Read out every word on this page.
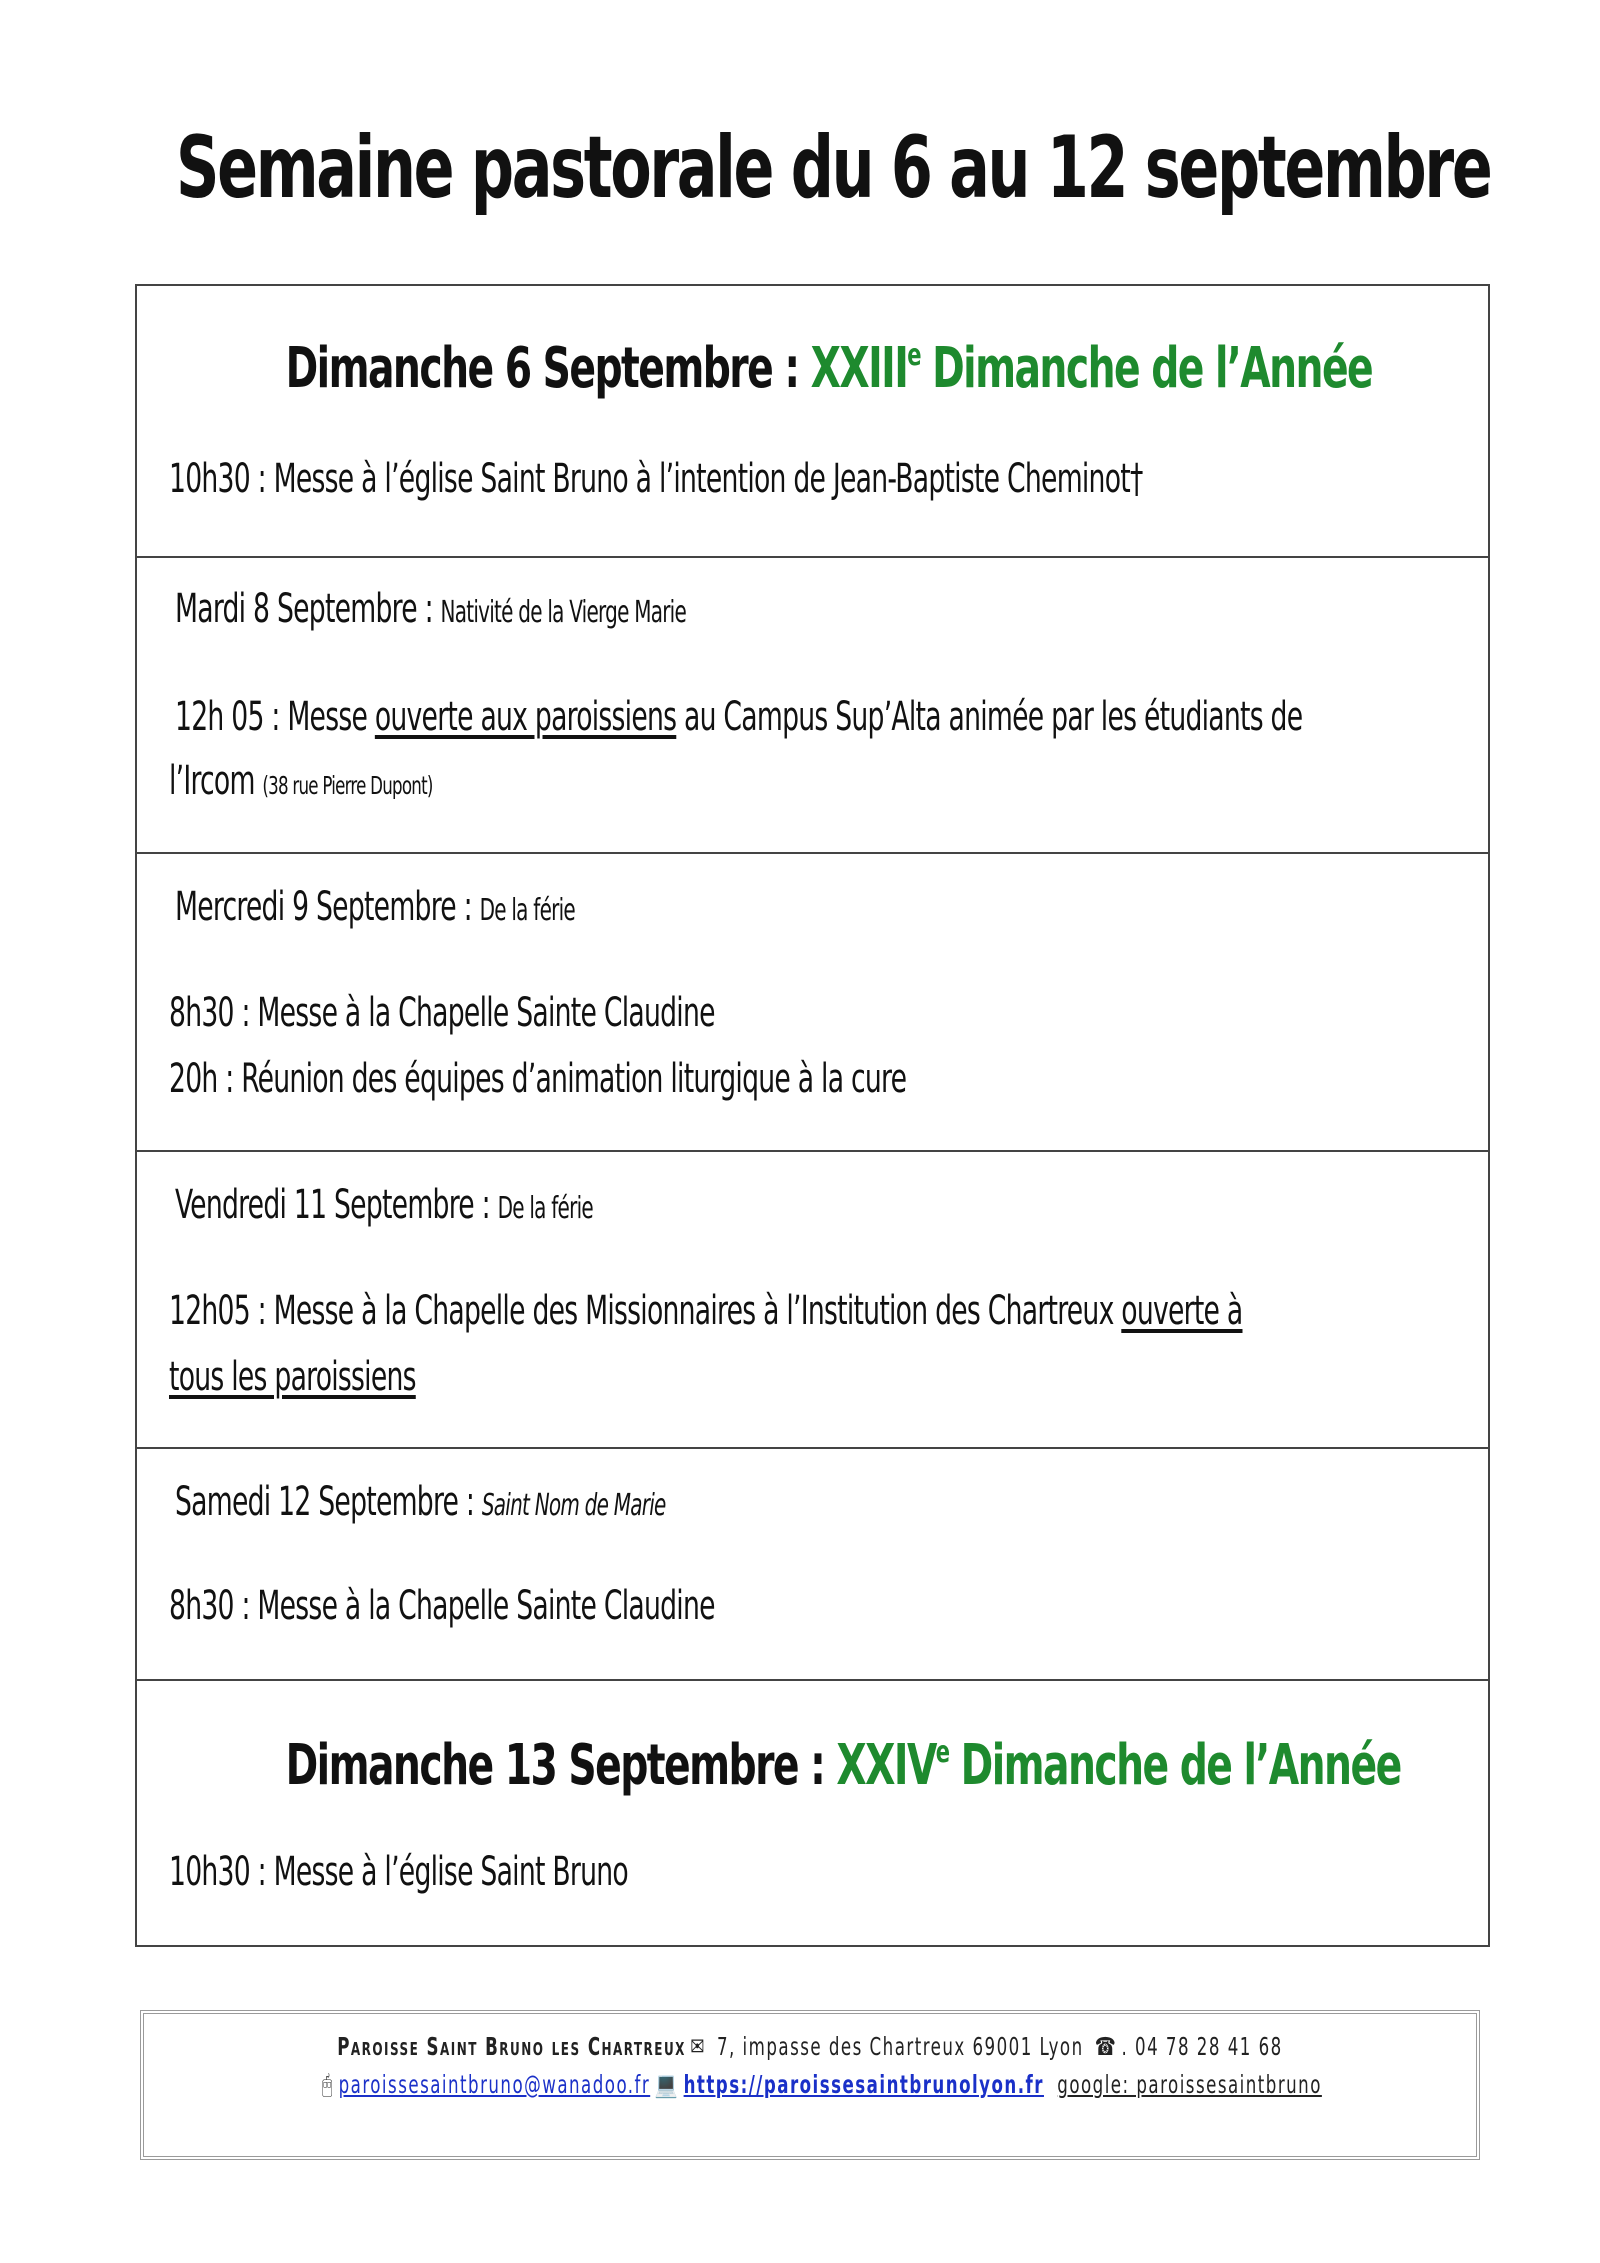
Semaine pastorale du 6 au 12 septembre
Dimanche 6 Septembre : XXIIIe Dimanche de l’Année
10h30 : Messe à l’église Saint Bruno à l’intention de Jean-Baptiste Cheminot†
Mardi 8 Septembre : Nativité de la Vierge Marie
12h 05 : Messe ouverte aux paroissiens au Campus Sup’Alta animée par les étudiants de
l’Ircom (38 rue Pierre Dupont)
Mercredi 9 Septembre : De la férie
8h30 : Messe à la Chapelle Sainte Claudine
20h : Réunion des équipes d’animation liturgique à la cure
Vendredi 11 Septembre : De la férie
12h05 : Messe à la Chapelle des Missionnaires à l’Institution des Chartreux ouverte à
tous les paroissiens
Samedi 12 Septembre : Saint Nom de Marie
8h30 : Messe à la Chapelle Sainte Claudine
Dimanche 13 Septembre : XXIVe Dimanche de l’Année
10h30 : Messe à l’église Saint Bruno
Paroisse Saint Bruno les Chartreux ✉ 7, impasse des Chartreux 69001 Lyon ☎ . 04 78 28 41 68
🖰 paroissesaintbruno@wanadoo.fr 💻 https://paroissesaintbrunolyon.fr google: paroissesaintbruno
